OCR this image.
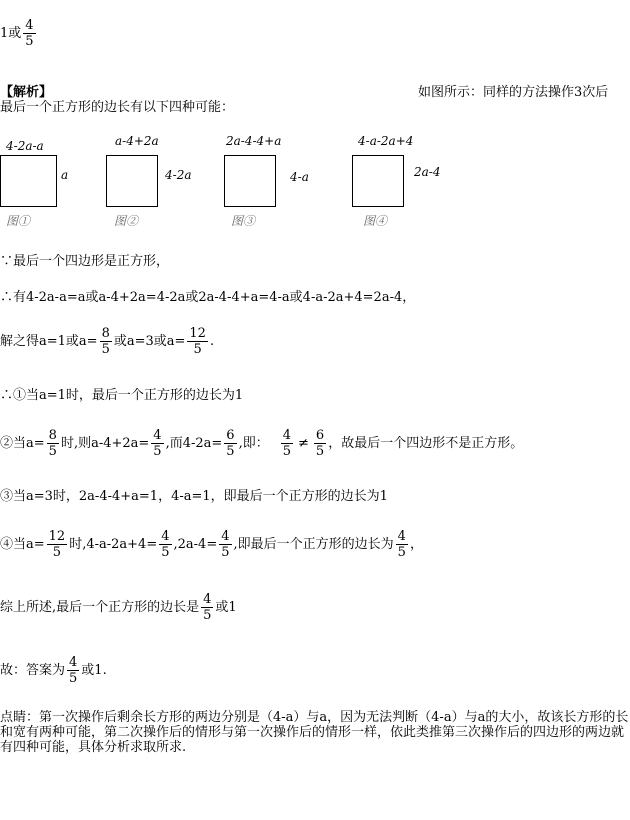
1或 $\frac{4}{5}$
【解析】	如图所示：同样的方法操作3次后
最后一个正方形的边长有以下四种可能：
4-2a-a
a
图①
a-4+2a
4-2a
图②
2a-4-4+a
4-a
图③
4-a-2a+4
2a-4
图④
∵最后一个四边形是正方形，
∴有4-2a-a=a或a-4+2a=4-2a或2a-4-4+a=4-a或4-a-2a+4=2a-4，
解之得a=1或$a= \frac{8}{5}$ 或a=3或$a= \frac{12}{5}$ .
∴①当a=1时，最后一个正方形的边长为1
②当$a= \frac{8}{5}$ 时,则$a-4+2a= \frac{4}{5}$ ,而$4-2a= \frac{6}{5}$ ,即： $\frac{4}{5} \ne \frac{6}{5}$ ，故最后一个四边形不是正方形。
③当a=3时，2a-4-4+a=1，4-a=1，即最后一个正方形的边长为1
④当$a= \frac{12}{5}$ 时$,4-a-2a+4= \frac{4}{5} ,2a-4= \frac{4}{5}$ ,即最后一个正方形的边长为 $\frac{4}{5}$ ，
综上所述,最后一个正方形的边长是 $\frac{4}{5}$ 或1
故：答案为 $\frac{4}{5}$ 或1.
点睛：第一次操作后剩余长方形的两边分别是（4-a）与a，因为无法判断（4-a）与a的大小，故该长方形的长和宽有两种可能，第二次操作后的情形与第一次操作后的情形一样，依此类推第三次操作后的四边形的两边就有四种可能，具体分析求取所求.
